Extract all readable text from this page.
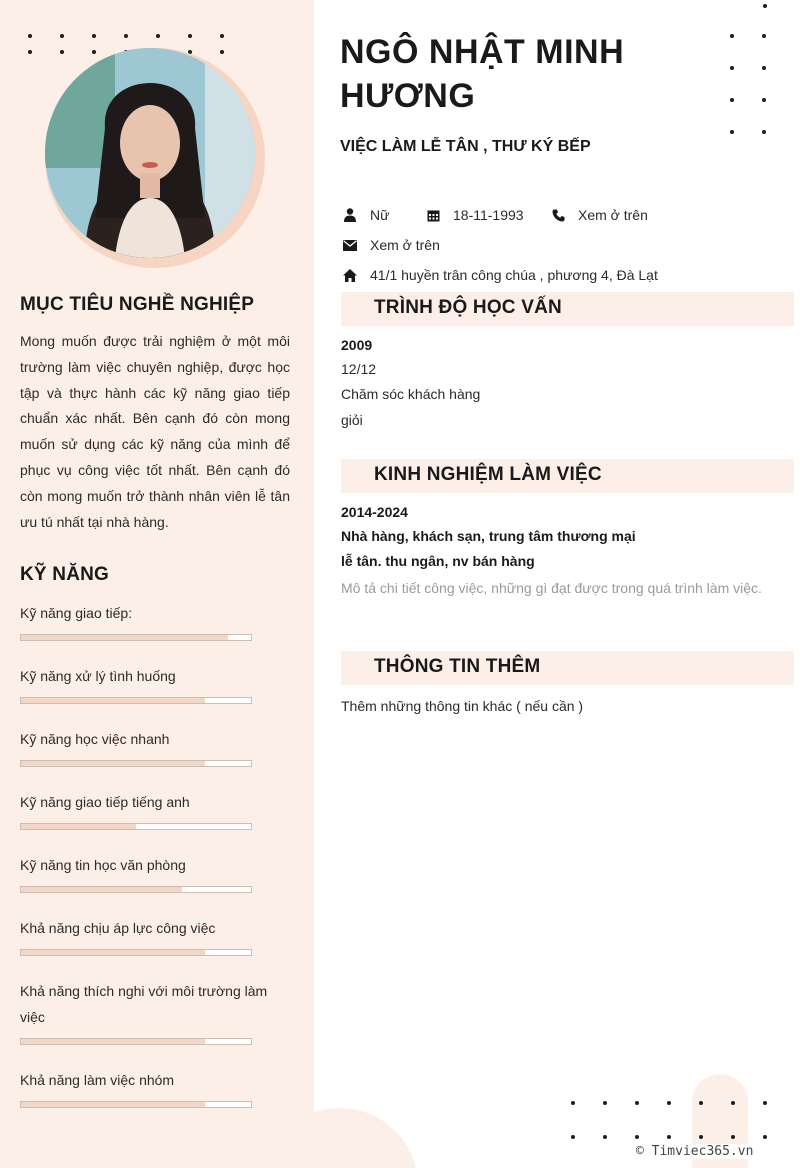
MỤC TIÊU NGHỀ NGHIỆP

Mong muốn được trải nghiệm ở một môi trường làm việc chuyên nghiệp, được học tập và thực hành các kỹ năng giao tiếp chuẩn xác nhất. Bên cạnh đó còn mong muốn sử dụng các kỹ năng của mình để phục vụ công việc tốt nhất. Bên cạnh đó còn mong muốn trở thành nhân viên lễ tân ưu tú nhất tại nhà hàng.

KỸ NĂNG
Kỹ năng giao tiếp:
Kỹ năng xử lý tình huống
Kỹ năng học việc nhanh
Kỹ năng giao tiếp tiếng anh
Kỹ năng tin học văn phòng
Khả năng chịu áp lực công việc
Khả năng thích nghi với môi trường làm việc
Khả năng làm việc nhóm
NGÔ NHẬT MINH HƯƠNG
VIỆC LÀM LỄ TÂN , THƯ KÝ BẾP
Nữ	18-11-1993	Xem ở trên
Xem ở trên
41/1 huyền trân công chúa , phương 4, Đà Lạt
TRÌNH ĐỘ HỌC VẤN
2009
12/12
Chăm sóc khách hàng
giỏi
KINH NGHIỆM LÀM VIỆC
2014-2024
Nhà hàng, khách sạn, trung tâm thương mại
lễ tân. thu ngân, nv bán hàng

Mô tả chi tiết công việc, những gì đạt được trong quá trình làm việc.

THÔNG TIN THÊM
Thêm những thông tin khác ( nếu cần )
© Timviec365.vn
